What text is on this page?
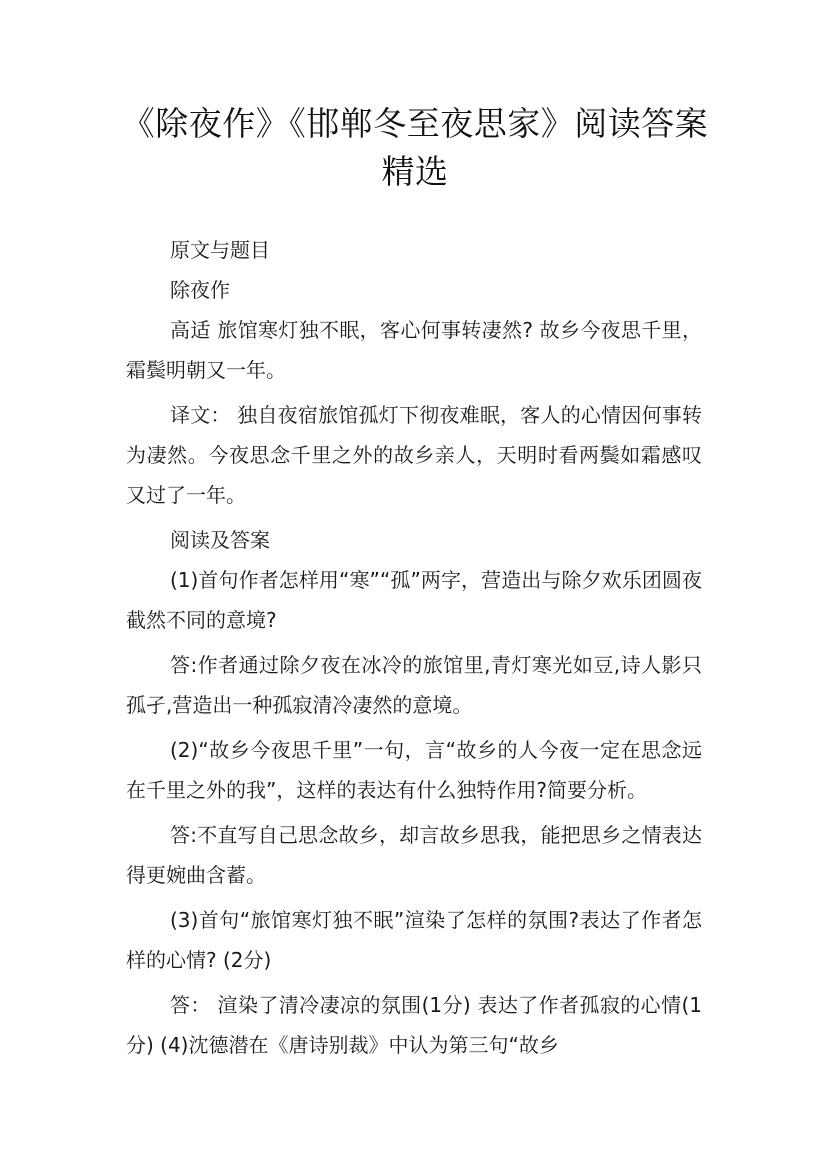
《除夜作》《邯郸冬至夜思家》阅读答案精选

原文与题目

除夜作

高适 旅馆寒灯独不眠，客心何事转凄然? 故乡今夜思千里，霜鬓明朝又一年。

译文： 独自夜宿旅馆孤灯下彻夜难眠，客人的心情因何事转为凄然。今夜思念千里之外的故乡亲人，天明时看两鬓如霜感叹又过了一年。

阅读及答案

(1)首句作者怎样用“寒”“孤”两字，营造出与除夕欢乐团圆夜截然不同的意境?

答:作者通过除夕夜在冰冷的旅馆里,青灯寒光如豆,诗人影只孤孑,营造出一种孤寂清冷凄然的意境。

(2)“故乡今夜思千里”一句，言“故乡的人今夜一定在思念远在千里之外的我”，这样的表达有什么独特作用?简要分析。

答:不直写自己思念故乡，却言故乡思我，能把思乡之情表达得更婉曲含蓄。

(3)首句“旅馆寒灯独不眠”渲染了怎样的氛围?表达了作者怎样的心情? (2分)

答： 渲染了清冷凄凉的氛围(1分) 表达了作者孤寂的心情(1分) (4)沈德潜在《唐诗别裁》中认为第三句“故乡
